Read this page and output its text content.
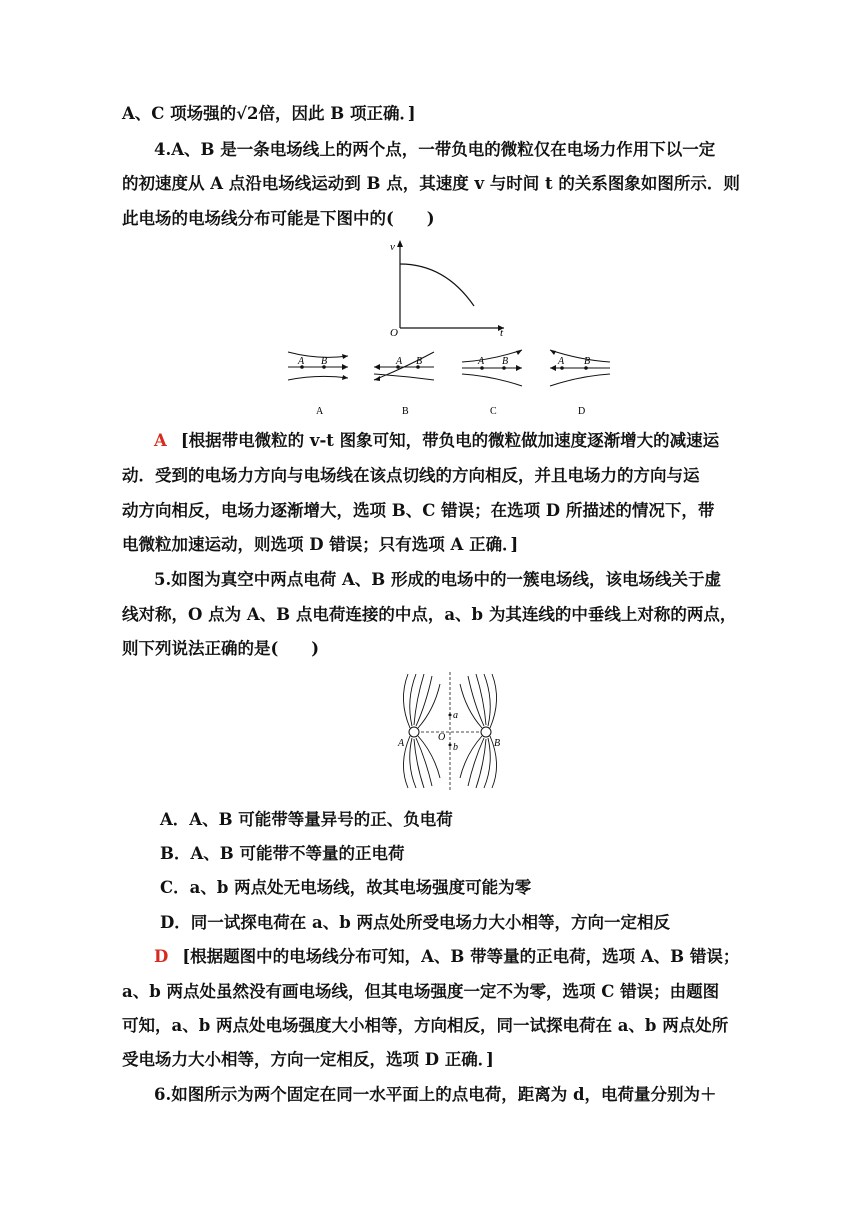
A、C 项场强的√2倍，因此 B 项正确．]
4.A、B 是一条电场线上的两个点，一带负电的微粒仅在电场力作用下以一定
的初速度从 A 点沿电场线运动到 B 点，其速度 v 与时间 t 的关系图象如图所示．则
此电场的电场线分布可能是下图中的(　　)
v
t
O
A B
A
A B
B
A B
C
A B
D
A [根据带电微粒的 v-t 图象可知，带负电的微粒做加速度逐渐增大的减速运
动．受到的电场力方向与电场线在该点切线的方向相反，并且电场力的方向与运
动方向相反，电场力逐渐增大，选项 B、C 错误；在选项 D 所描述的情况下，带
电微粒加速运动，则选项 D 错误；只有选项 A 正确．]
5.如图为真空中两点电荷 A、B 形成的电场中的一簇电场线，该电场线关于虚
线对称，O 点为 A、B 点电荷连接的中点，a、b 为其连线的中垂线上对称的两点，
则下列说法正确的是(　　)
A	B
O
a
b
A．A、B 可能带等量异号的正、负电荷
B．A、B 可能带不等量的正电荷
C．a、b 两点处无电场线，故其电场强度可能为零
D．同一试探电荷在 a、b 两点处所受电场力大小相等，方向一定相反
D [根据题图中的电场线分布可知，A、B 带等量的正电荷，选项 A、B 错误；
a、b 两点处虽然没有画电场线，但其电场强度一定不为零，选项 C 错误；由题图
可知，a、b 两点处电场强度大小相等，方向相反，同一试探电荷在 a、b 两点处所
受电场力大小相等，方向一定相反，选项 D 正确．]
6.如图所示为两个固定在同一水平面上的点电荷，距离为 d，电荷量分别为＋
